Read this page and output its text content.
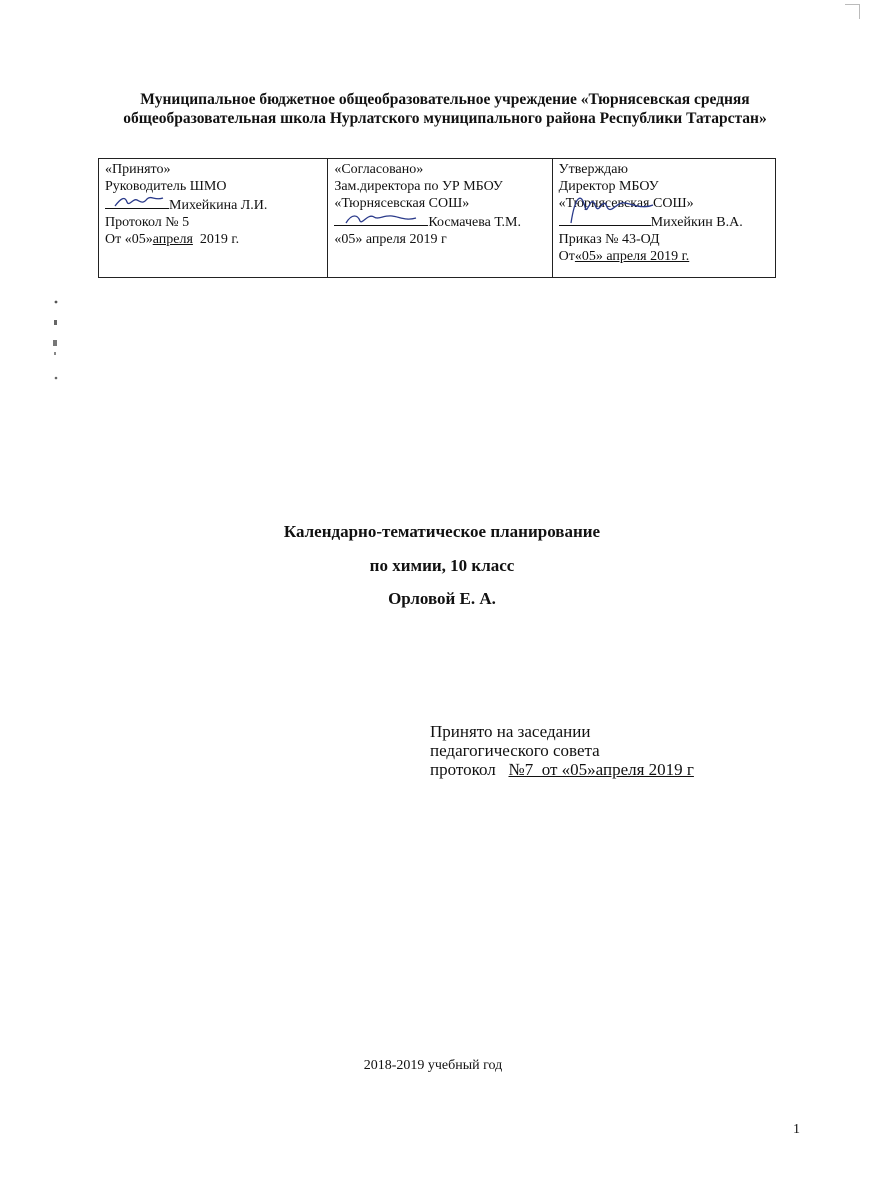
Муниципальное бюджетное общеобразовательное учреждение «Тюрнясевская средняя
общеобразовательная школа Нурлатского муниципального района Республики Татарстан»
«Принято»
Руководитель ШМО
Михейкина Л.И.
Протокол № 5
От «05»апреля 2019 г.
«Согласовано»
Зам.директора по УР МБОУ
«Тюрнясевская СОШ»
Космачева Т.М.
«05» апреля 2019 г
Утверждаю
Директор МБОУ
«Тюрнясевская СОШ»
Михейкин В.А.
Приказ № 43-ОД
От«05» апреля 2019 г.
Календарно-тематическое планирование
по химии, 10 класс
Орловой Е. А.
Принято на заседании
педагогического совета
протокол   №7  от «05»апреля 2019 г
2018-2019 учебный год
1
